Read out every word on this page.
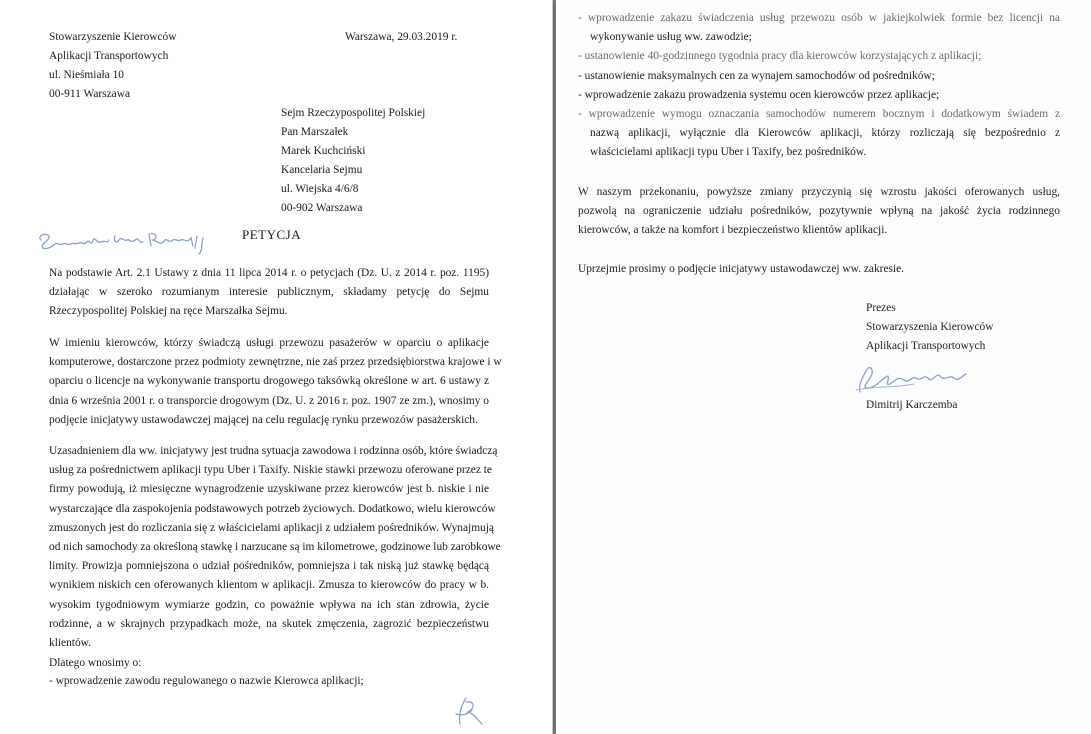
Stowarzyszenie Kierowców
Aplikacji Transportowych
ul. Nieśmiała 10
00-911 Warszawa
Warszawa, 29.03.2019 r.
Sejm Rzeczypospolitej Polskiej
Pan Marszałek
Marek Kuchciński
Kancelaria Sejmu
ul. Wiejska 4/6/8
00-902 Warszawa
PETYCJA
Na podstawie Art. 2.1 Ustawy z dnia 11 lipca 2014 r. o petycjach (Dz. U. z 2014 r. poz. 1195)
działając w szeroko rozumianym interesie publicznym, składamy petycję do Sejmu
Rzeczypospolitej Polskiej na ręce Marszałka Sejmu.
W imieniu kierowców, którzy świadczą usługi przewozu pasażerów w oparciu o aplikacje
komputerowe, dostarczone przez podmioty zewnętrzne, nie zaś przez przedsiębiorstwa krajowe i w
oparciu o licencje na wykonywanie transportu drogowego taksówką określone w art. 6 ustawy z
dnia 6 września 2001 r. o transporcie drogowym (Dz. U. z 2016 r. poz. 1907 ze zm.), wnosimy o
podjęcie inicjatywy ustawodawczej mającej na celu regulację rynku przewozów pasażerskich.
Uzasadnieniem dla ww. inicjatywy jest trudna sytuacja zawodowa i rodzinna osób, które świadczą
usług za pośrednictwem aplikacji typu Uber i Taxify. Niskie stawki przewozu oferowane przez te
firmy powodują, iż miesięczne wynagrodzenie uzyskiwane przez kierowców jest b. niskie i nie
wystarczające dla zaspokojenia podstawowych potrzeb życiowych. Dodatkowo, wielu kierowców
zmuszonych jest do rozliczania się z właścicielami aplikacji z udziałem pośredników. Wynajmują
od nich samochody za określoną stawkę i narzucane są im kilometrowe, godzinowe lub zarobkowe
limity. Prowizja pomniejszona o udział pośredników, pomniejsza i tak niską już stawkę będącą
wynikiem niskich cen oferowanych klientom w aplikacji. Zmusza to kierowców do pracy w b.
wysokim tygodniowym wymiarze godzin, co poważnie wpływa na ich stan zdrowia, życie
rodzinne, a w skrajnych przypadkach może, na skutek zmęczenia, zagrozić bezpieczeństwu
klientów.
Dlatego wnosimy o:
- wprowadzenie zawodu regulowanego o nazwie Kierowca aplikacji;
- wprowadzenie zakazu świadczenia usług przewozu osób w jakiejkolwiek formie bez licencji na
wykonywanie usług ww. zawodzie;
- ustanowienie 40-godzinnego tygodnia pracy dla kierowców korzystających z aplikacji;
- ustanowienie maksymalnych cen za wynajem samochodów od pośredników;
- wprowadzenie zakazu prowadzenia systemu ocen kierowców przez aplikacje;
- wprowadzenie wymogu oznaczania samochodów numerem bocznym i dodatkowym świadem z
nazwą aplikacji, wyłącznie dla Kierowców aplikacji, którzy rozliczają się bezpośrednio z
właścicielami aplikacji typu Uber i Taxify, bez pośredników.
W naszym przekonaniu, powyższe zmiany przyczynią się wzrostu jakości oferowanych usług,
pozwolą na ograniczenie udziału pośredników, pozytywnie wpłyną na jakość życia rodzinnego
kierowców, a także na komfort i bezpieczeństwo klientów aplikacji.
Uprzejmie prosimy o podjęcie inicjatywy ustawodawczej ww. zakresie.
Prezes
Stowarzyszenia Kierowców
Aplikacji Transportowych
Dimitrij Karczemba
